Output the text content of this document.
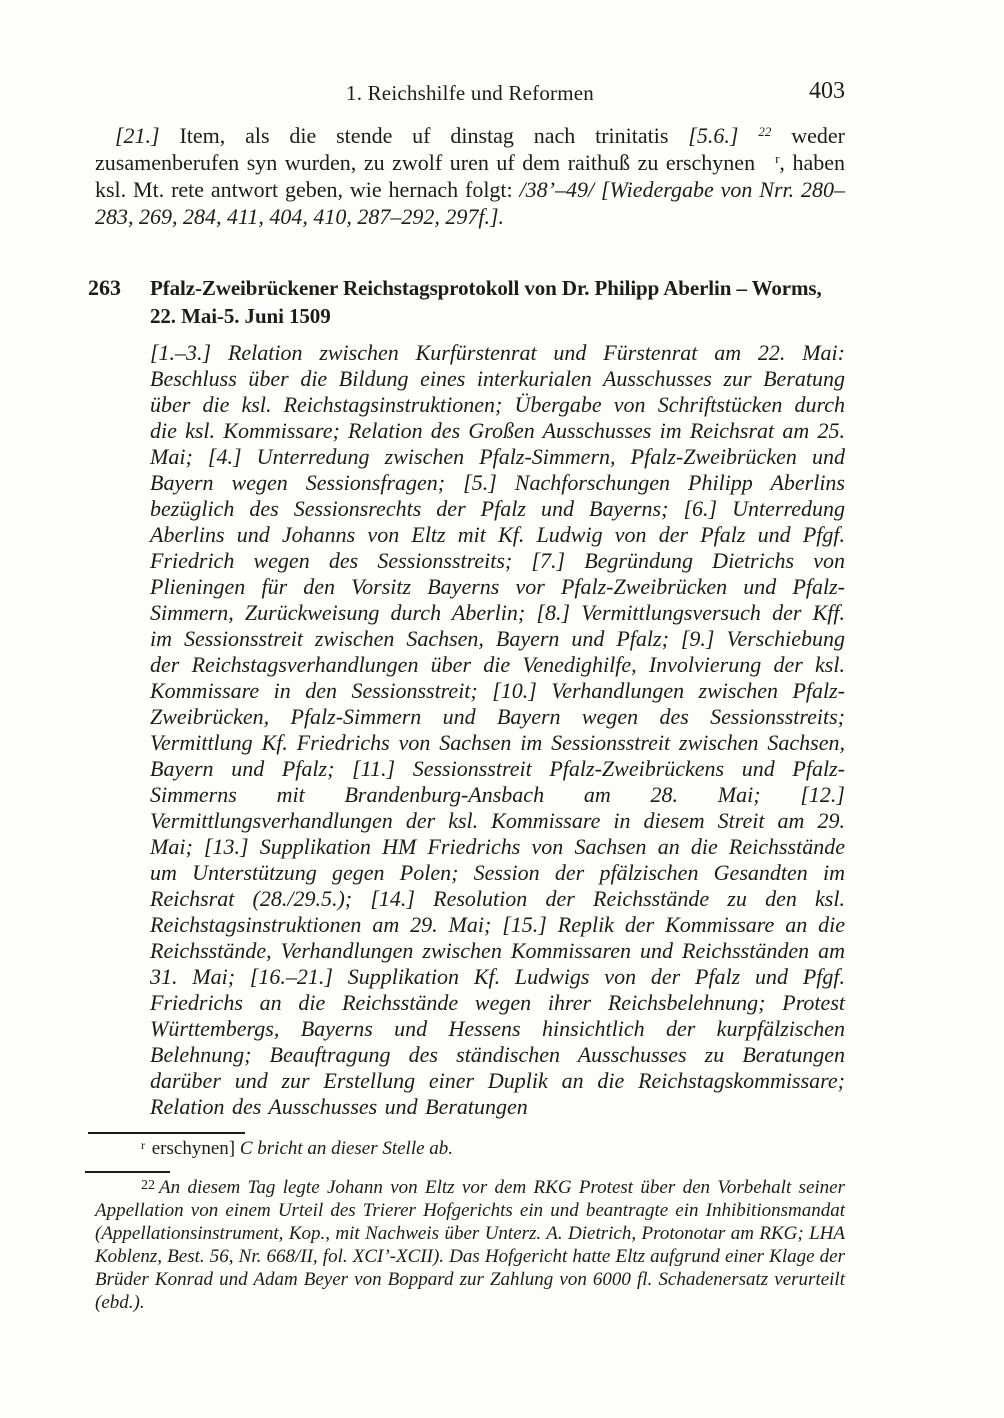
1. Reichshilfe und Reformen	403

[21.] Item, als die stende uf dinstag nach trinitatis [5.6.] 22 weder zusamenberufen syn wurden, zu zwolf uren uf dem raithuß zu erschynen r, haben ksl. Mt. rete antwort geben, wie hernach folgt: /38’–49/ [Wiedergabe von Nrr. 280–283, 269, 284, 411, 404, 410, 287–292, 297f.].

263	Pfalz-Zweibrückener Reichstagsprotokoll von Dr. Philipp Aberlin – Worms, 22. Mai-5. Juni 1509

[1.–3.] Relation zwischen Kurfürstenrat und Fürstenrat am 22. Mai: Beschluss über die Bildung eines interkurialen Ausschusses zur Beratung über die ksl. Reichstagsinstruktionen; Übergabe von Schriftstücken durch die ksl. Kommissare; Relation des Großen Ausschusses im Reichsrat am 25. Mai; [4.] Unterredung zwischen Pfalz-Simmern, Pfalz-Zweibrücken und Bayern wegen Sessionsfragen; [5.] Nachforschungen Philipp Aberlins bezüglich des Sessionsrechts der Pfalz und Bayerns; [6.] Unterredung Aberlins und Johanns von Eltz mit Kf. Ludwig von der Pfalz und Pfgf. Friedrich wegen des Sessionsstreits; [7.] Begründung Dietrichs von Plieningen für den Vorsitz Bayerns vor Pfalz-Zweibrücken und Pfalz-Simmern, Zurückweisung durch Aberlin; [8.] Vermittlungsversuch der Kff. im Sessionsstreit zwischen Sachsen, Bayern und Pfalz; [9.] Verschiebung der Reichstagsverhandlungen über die Venedighilfe, Involvierung der ksl. Kommissare in den Sessionsstreit; [10.] Verhandlungen zwischen Pfalz-Zweibrücken, Pfalz-Simmern und Bayern wegen des Sessionsstreits; Vermittlung Kf. Friedrichs von Sachsen im Sessionsstreit zwischen Sachsen, Bayern und Pfalz; [11.] Sessionsstreit Pfalz-Zweibrückens und Pfalz-Simmerns mit Brandenburg-Ansbach am 28. Mai; [12.] Vermittlungsverhandlungen der ksl. Kommissare in diesem Streit am 29. Mai; [13.] Supplikation HM Friedrichs von Sachsen an die Reichsstände um Unterstützung gegen Polen; Session der pfälzischen Gesandten im Reichsrat (28./29.5.); [14.] Resolution der Reichsstände zu den ksl. Reichstagsinstruktionen am 29. Mai; [15.] Replik der Kommissare an die Reichsstände, Verhandlungen zwischen Kommissaren und Reichsständen am 31. Mai; [16.–21.] Supplikation Kf. Ludwigs von der Pfalz und Pfgf. Friedrichs an die Reichsstände wegen ihrer Reichsbelehnung; Protest Württembergs, Bayerns und Hessens hinsichtlich der kurpfälzischen Belehnung; Beauftragung des ständischen Ausschusses zu Beratungen darüber und zur Erstellung einer Duplik an die Reichstagskommissare; Relation des Ausschusses und Beratungen

r erschynen] C bricht an dieser Stelle ab.

22 An diesem Tag legte Johann von Eltz vor dem RKG Protest über den Vorbehalt seiner Appellation von einem Urteil des Trierer Hofgerichts ein und beantragte ein Inhibitionsmandat (Appellationsinstrument, Kop., mit Nachweis über Unterz. A. Dietrich, Protonotar am RKG; LHA Koblenz, Best. 56, Nr. 668/II, fol. XCI’-XCII). Das Hofgericht hatte Eltz aufgrund einer Klage der Brüder Konrad und Adam Beyer von Boppard zur Zahlung von 6000 fl. Schadenersatz verurteilt (ebd.).
